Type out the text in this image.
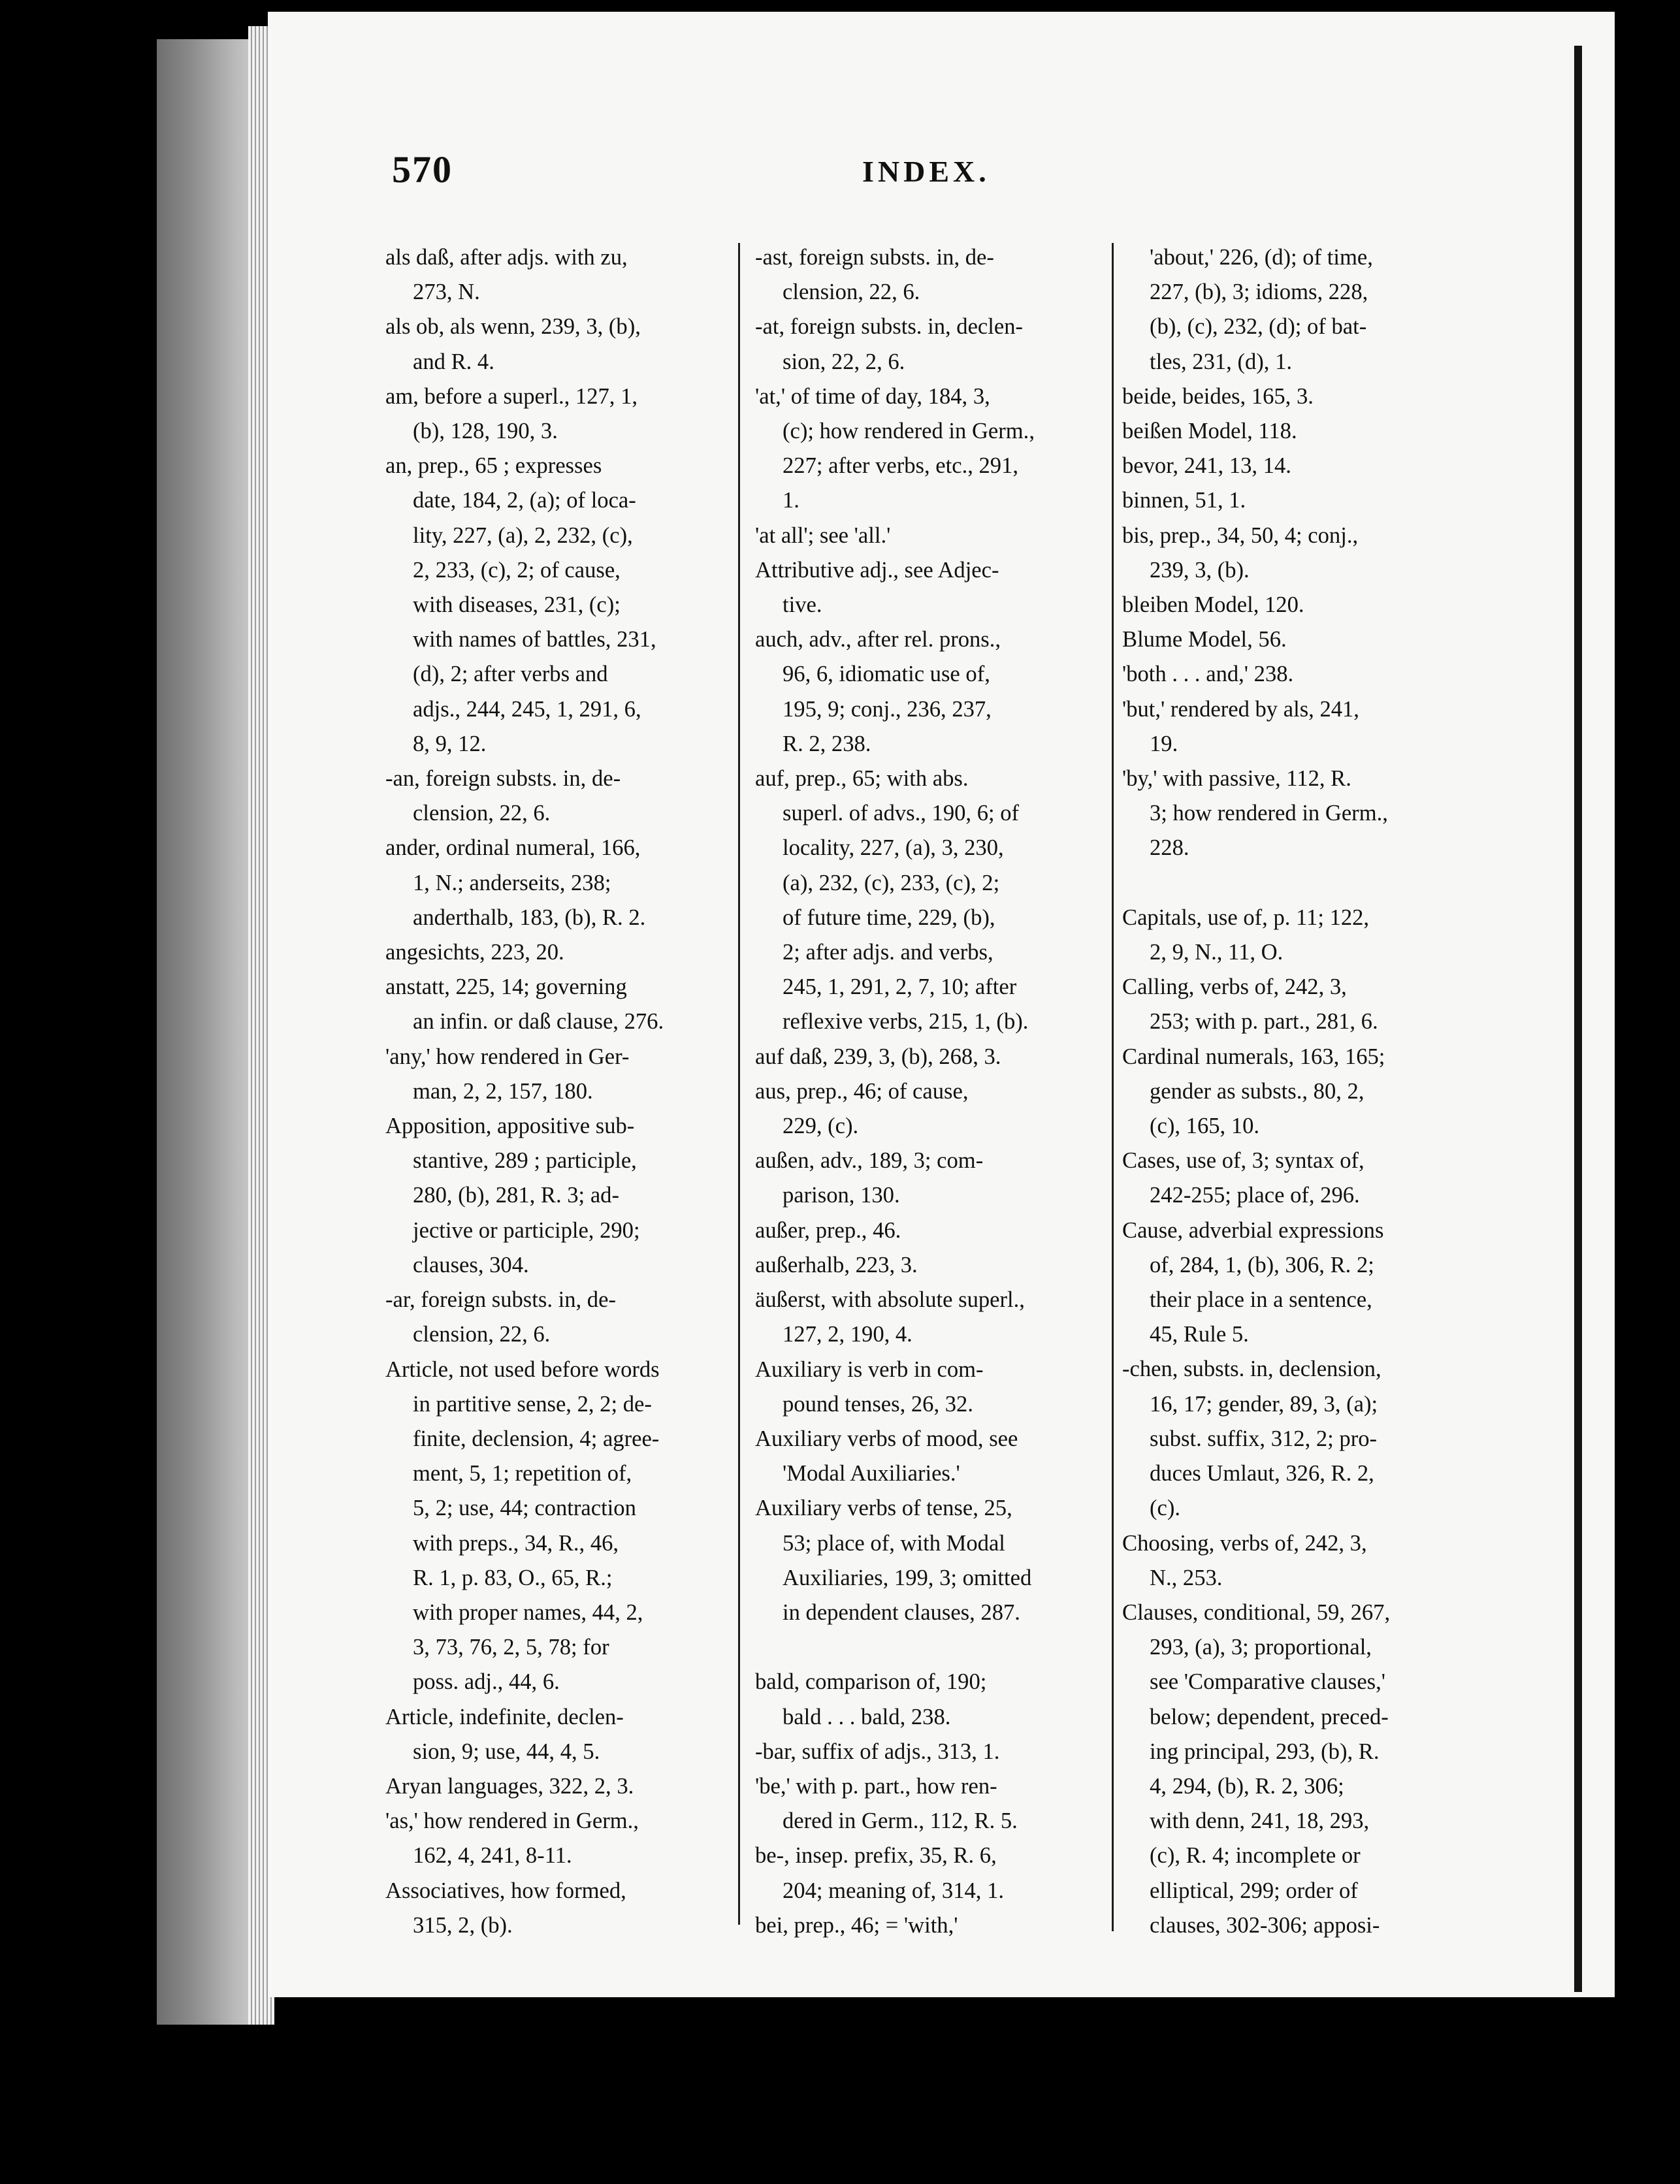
570	INDEX.
als daß, after adjs. with zu,
273, N.
als ob, als wenn, 239, 3, (b),
and R. 4.
am, before a superl., 127, 1,
(b), 128, 190, 3.
an, prep., 65 ; expresses
date, 184, 2, (a); of loca-
lity, 227, (a), 2, 232, (c),
2, 233, (c), 2; of cause,
with diseases, 231, (c);
with names of battles, 231,
(d), 2; after verbs and
adjs., 244, 245, 1, 291, 6,
8, 9, 12.
-an, foreign substs. in, de-
clension, 22, 6.
ander, ordinal numeral, 166,
1, N.; anderseits, 238;
anderthalb, 183, (b), R. 2.
angesichts, 223, 20.
anstatt, 225, 14; governing
an infin. or daß clause, 276.
'any,' how rendered in Ger-
man, 2, 2, 157, 180.
Apposition, appositive sub-
stantive, 289 ; participle,
280, (b), 281, R. 3; ad-
jective or participle, 290;
clauses, 304.
-ar, foreign substs. in, de-
clension, 22, 6.
Article, not used before words
in partitive sense, 2, 2; de-
finite, declension, 4; agree-
ment, 5, 1; repetition of,
5, 2; use, 44; contraction
with preps., 34, R., 46,
R. 1, p. 83, O., 65, R.;
with proper names, 44, 2,
3, 73, 76, 2, 5, 78; for
poss. adj., 44, 6.
Article, indefinite, declen-
sion, 9; use, 44, 4, 5.
Aryan languages, 322, 2, 3.
'as,' how rendered in Germ.,
162, 4, 241, 8-11.
Associatives, how formed,
315, 2, (b).
-ast, foreign substs. in, de-
clension, 22, 6.
-at, foreign substs. in, declen-
sion, 22, 2, 6.
'at,' of time of day, 184, 3,
(c); how rendered in Germ.,
227; after verbs, etc., 291,
1.
'at all'; see 'all.'
Attributive adj., see Adjec-
tive.
auch, adv., after rel. prons.,
96, 6, idiomatic use of,
195, 9; conj., 236, 237,
R. 2, 238.
auf, prep., 65; with abs.
superl. of advs., 190, 6; of
locality, 227, (a), 3, 230,
(a), 232, (c), 233, (c), 2;
of future time, 229, (b),
2; after adjs. and verbs,
245, 1, 291, 2, 7, 10; after
reflexive verbs, 215, 1, (b).
auf daß, 239, 3, (b), 268, 3.
aus, prep., 46; of cause,
229, (c).
außen, adv., 189, 3; com-
parison, 130.
außer, prep., 46.
außerhalb, 223, 3.
äußerst, with absolute superl.,
127, 2, 190, 4.
Auxiliary is verb in com-
pound tenses, 26, 32.
Auxiliary verbs of mood, see
'Modal Auxiliaries.'
Auxiliary verbs of tense, 25,
53; place of, with Modal
Auxiliaries, 199, 3; omitted
in dependent clauses, 287.
bald, comparison of, 190;
bald . . . bald, 238.
-bar, suffix of adjs., 313, 1.
'be,' with p. part., how ren-
dered in Germ., 112, R. 5.
be-, insep. prefix, 35, R. 6,
204; meaning of, 314, 1.
bei, prep., 46; = 'with,'
'about,' 226, (d); of time,
227, (b), 3; idioms, 228,
(b), (c), 232, (d); of bat-
tles, 231, (d), 1.
beide, beides, 165, 3.
beißen Model, 118.
bevor, 241, 13, 14.
binnen, 51, 1.
bis, prep., 34, 50, 4; conj.,
239, 3, (b).
bleiben Model, 120.
Blume Model, 56.
'both . . . and,' 238.
'but,' rendered by als, 241,
19.
'by,' with passive, 112, R.
3; how rendered in Germ.,
228.
Capitals, use of, p. 11; 122,
2, 9, N., 11, O.
Calling, verbs of, 242, 3,
253; with p. part., 281, 6.
Cardinal numerals, 163, 165;
gender as substs., 80, 2,
(c), 165, 10.
Cases, use of, 3; syntax of,
242-255; place of, 296.
Cause, adverbial expressions
of, 284, 1, (b), 306, R. 2;
their place in a sentence,
45, Rule 5.
-chen, substs. in, declension,
16, 17; gender, 89, 3, (a);
subst. suffix, 312, 2; pro-
duces Umlaut, 326, R. 2,
(c).
Choosing, verbs of, 242, 3,
N., 253.
Clauses, conditional, 59, 267,
293, (a), 3; proportional,
see 'Comparative clauses,'
below; dependent, preced-
ing principal, 293, (b), R.
4, 294, (b), R. 2, 306;
with denn, 241, 18, 293,
(c), R. 4; incomplete or
elliptical, 299; order of
clauses, 302-306; apposi-
